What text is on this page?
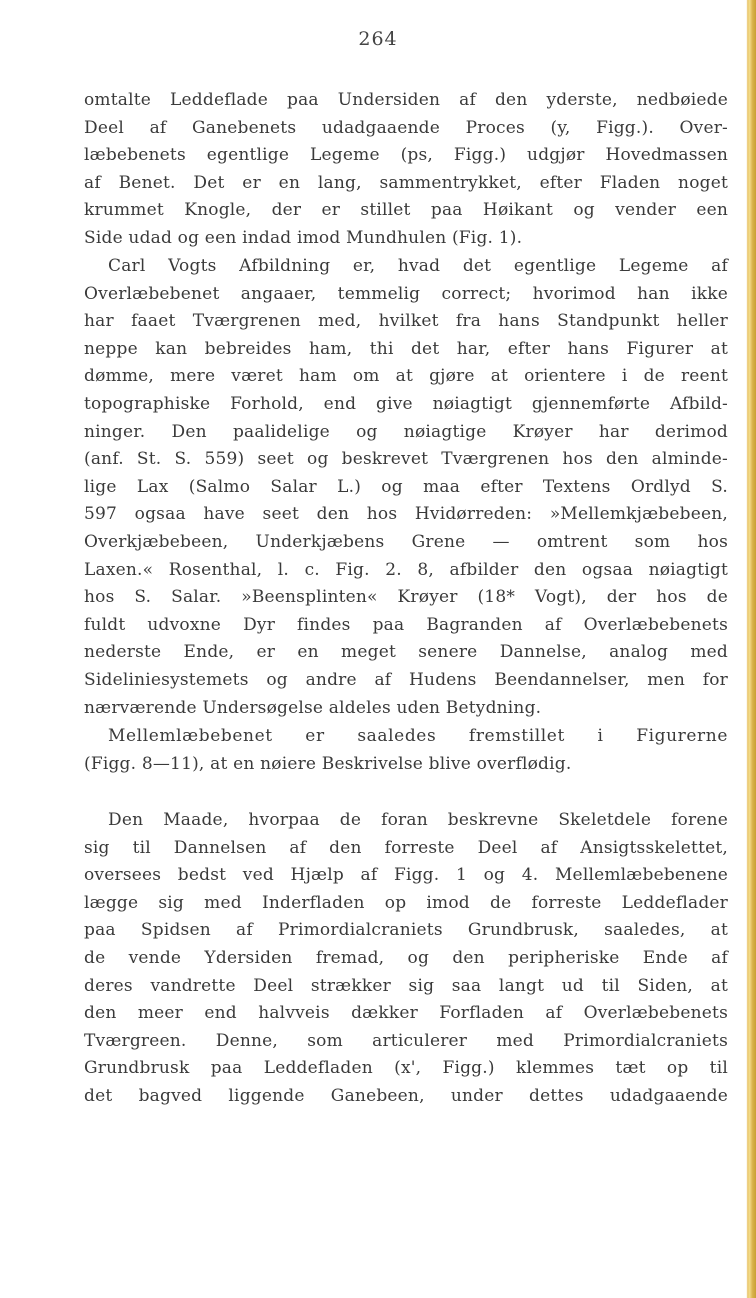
264
omtalte Leddeflade paa Undersiden af den yderste, nedbøiede
Deel af Ganebenets udadgaaende Proces (y, Figg.). Over-
læbebenets egentlige Legeme (ps, Figg.) udgjør Hovedmassen
af Benet. Det er en lang, sammentrykket, efter Fladen noget
krummet Knogle, der er stillet paa Høikant og vender een
Side udad og een indad imod Mundhulen (Fig. 1).
Carl Vogts Afbildning er, hvad det egentlige Legeme af
Overlæbebenet angaaer, temmelig correct; hvorimod han ikke
har faaet Tværgrenen med, hvilket fra hans Standpunkt heller
neppe kan bebreides ham, thi det har, efter hans Figurer at
dømme, mere været ham om at gjøre at orientere i de reent
topographiske Forhold, end give nøiagtigt gjennemførte Afbild-
ninger. Den paalidelige og nøiagtige Krøyer har derimod
(anf. St. S. 559) seet og beskrevet Tværgrenen hos den alminde-
lige Lax (Salmo Salar L.) og maa efter Textens Ordlyd S.
597 ogsaa have seet den hos Hvidørreden: »Mellemkjæbebeen,
Overkjæbebeen, Underkjæbens Grene — omtrent som hos
Laxen.« Rosenthal, l. c. Fig. 2. 8, afbilder den ogsaa nøiagtigt
hos S. Salar. »Beensplinten« Krøyer (18* Vogt), der hos de
fuldt udvoxne Dyr findes paa Bagranden af Overlæbebenets
nederste Ende, er en meget senere Dannelse, analog med
Sideliniesystemets og andre af Hudens Beendannelser, men for
nærværende Undersøgelse aldeles uden Betydning.
Mellemlæbebenet er saaledes fremstillet i Figurerne
(Figg. 8—11), at en nøiere Beskrivelse blive overflødig.
Den Maade, hvorpaa de foran beskrevne Skeletdele forene
sig til Dannelsen af den forreste Deel af Ansigtsskelettet,
oversees bedst ved Hjælp af Figg. 1 og 4. Mellemlæbebenene
lægge sig med Inderfladen op imod de forreste Leddeflader
paa Spidsen af Primordialcraniets Grundbrusk, saaledes, at
de vende Ydersiden fremad, og den peripheriske Ende af
deres vandrette Deel strækker sig saa langt ud til Siden, at
den meer end halvveis dækker Forfladen af Overlæbebenets
Tværgreen. Denne, som articulerer med Primordialcraniets
Grundbrusk paa Leddefladen (x', Figg.) klemmes tæt op til
det bagved liggende Ganebeen, under dettes udadgaaende
